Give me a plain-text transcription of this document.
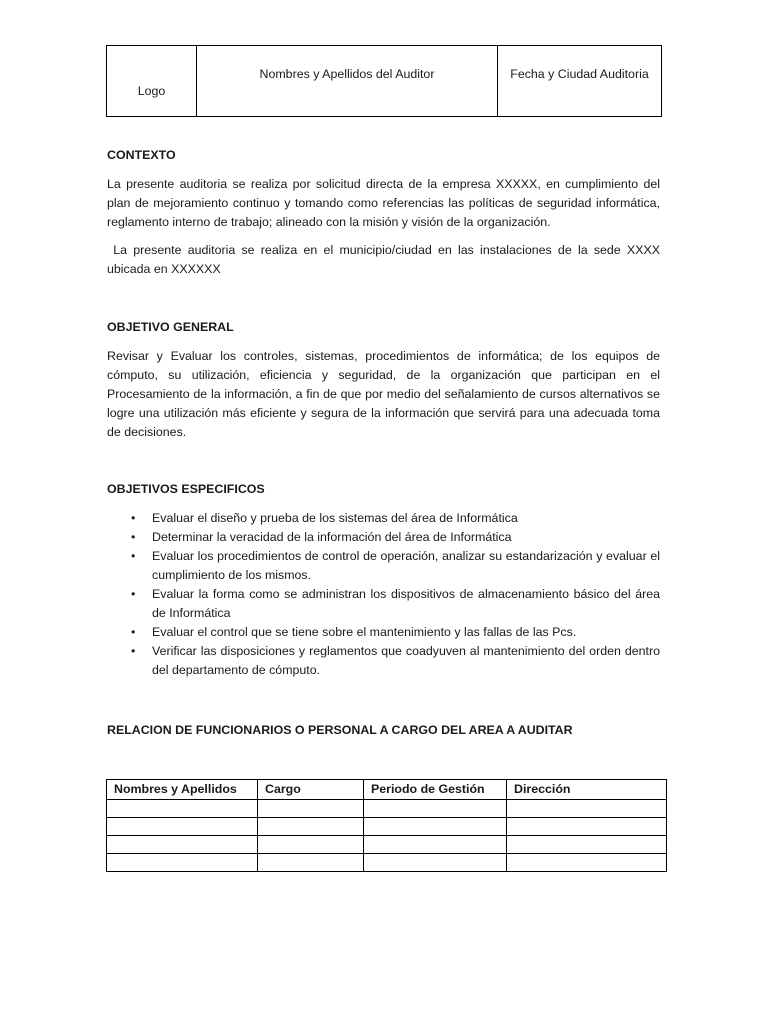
Logo	Nombres y Apellidos del Auditor	Fecha y Ciudad Auditoria

CONTEXTO

La presente auditoria se realiza por solicitud directa de la empresa XXXXX, en cumplimiento del plan de mejoramiento continuo y tomando como referencias las políticas de seguridad informática, reglamento interno de trabajo; alineado con la misión y visión de la organización.

La presente auditoria se realiza en el municipio/ciudad en las instalaciones de la sede XXXX ubicada en XXXXXX

OBJETIVO GENERAL

Revisar y Evaluar los controles, sistemas, procedimientos de informática; de los equipos de cómputo, su utilización, eficiencia y seguridad, de la organización que participan en el Procesamiento de la información, a fin de que por medio del señalamiento de cursos alternativos se logre una utilización más eficiente y segura de la información que servirá para una adecuada toma de decisiones.

OBJETIVOS ESPECIFICOS

• Evaluar el diseño y prueba de los sistemas del área de Informática
• Determinar la veracidad de la información del área de Informática
• Evaluar los procedimientos de control de operación, analizar su estandarización y evaluar el cumplimiento de los mismos.
• Evaluar la forma como se administran los dispositivos de almacenamiento básico del área de Informática
• Evaluar el control que se tiene sobre el mantenimiento y las fallas de las Pcs.
• Verificar las disposiciones y reglamentos que coadyuven al mantenimiento del orden dentro del departamento de cómputo.

RELACION DE FUNCIONARIOS O PERSONAL A CARGO DEL AREA A AUDITAR

Nombres y Apellidos	Cargo	Periodo de Gestión	Dirección
